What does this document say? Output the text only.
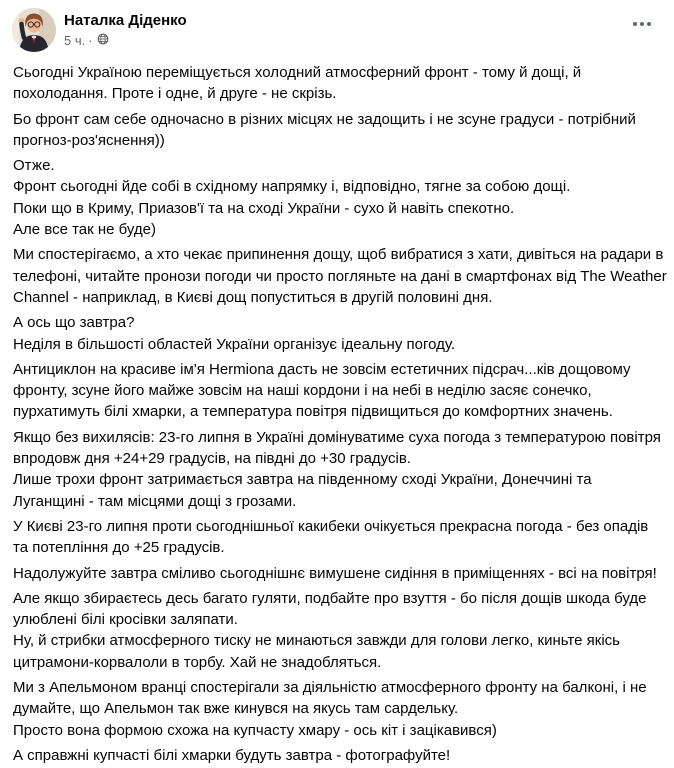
Наталка Діденко
5 ч. ·
Сьогодні Україною переміщується холодний атмосферний фронт - тому й дощі, й
похолодання. Проте і одне, й друге - не скрізь.
Бо фронт сам себе одночасно в різних місцях не задощить і не зсуне градуси - потрібний
прогноз-роз'яснення))
Отже.
Фронт сьогодні йде собі в східному напрямку і, відповідно, тягне за собою дощі.
Поки що в Криму, Приазов'ї та на сході України - сухо й навіть спекотно.
Але все так не буде)
Ми спостерігаємо, а хто чекає припинення дощу, щоб вибратися з хати, дивіться на радари в
телефоні, читайте пронози погоди чи просто погляньте на дані в смартфонах від The Weather
Channel - наприклад, в Києві дощ попуститься в другій половині дня.
А ось що завтра?
Неділя в більшості областей України організує ідеальну погоду.
Антициклон на красиве ім'я Hermiona дасть не зовсім естетичних підсрач...ків дощовому
фронту, зсуне його майже зовсім на наші кордони і на небі в неділю засяє сонечко,
пурхатимуть білі хмарки, а температура повітря підвищиться до комфортних значень.
Якщо без вихилясів: 23-го липня в Україні домінуватиме суха погода з температурою повітря
впродовж дня +24+29 градусів, на півдні до +30 градусів.
Лише трохи фронт затримається завтра на південному сході України, Донеччині та
Луганщині - там місцями дощі з грозами.
У Києві 23-го липня проти сьогоднішньої какибеки очікується прекрасна погода - без опадів
та потепління до +25 градусів.
Надолужуйте завтра сміливо сьогоднішнє вимушене сидіння в приміщеннях - всі на повітря!
Але якщо збираєтесь десь багато гуляти, подбайте про взуття - бо після дощів шкода буде
улюблені білі кросівки заляпати.
Ну, й стрибки атмосферного тиску не минаються завжди для голови легко, киньте якісь
цитрамони-корвалоли в торбу. Хай не знадобляться.
Ми з Апельмоном вранці спостерігали за діяльністю атмосферного фронту на балконі, і не
думайте, що Апельмон так вже кинувся на якусь там сардельку.
Просто вона формою схожа на купчасту хмару - ось кіт і зацікавився)
А справжні купчасті білі хмарки будуть завтра - фотографуйте!
